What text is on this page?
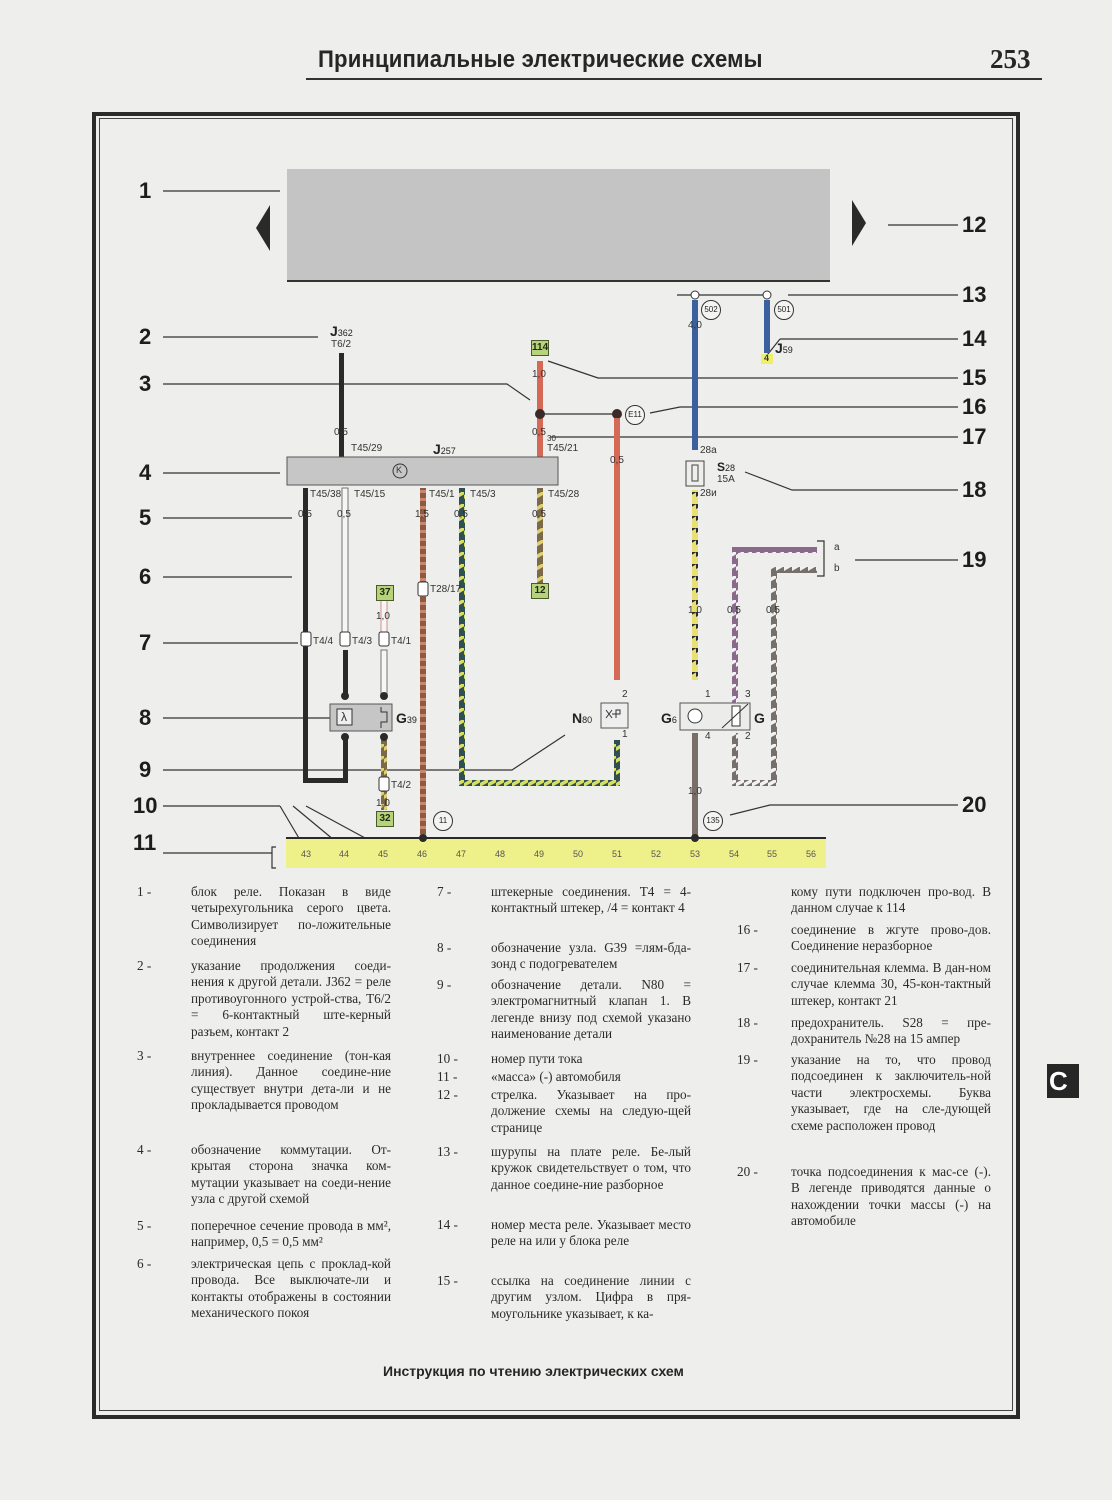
Принципиальные электрические схемы	253
1
2
3
4
5
6
7
8
9
10
11
12
13
14
15
16
17
18
19
20
J362
T6/2
J257
K
G39
λ	N80	G6	G
J59
4
S28
15A
28a
28и
E11
T45/29	T45/21
30
T45/38 T45/15	T45/1 T45/3	T45/28
T28/17
T4/4 T4/3 T4/1
T4/2
2
1
1
4
3
2
0,5	0,5
1,0
0,5
4,0
0,5	0,5	1,5	0,5	0,5
1,0
1,0
1,0	0,5	0,5
1,0
114
37	12
32
502	501
11	135
a
b
43	44	45	46	47	48	49	50	51	52	53	54	55	56
1 -	блок реле. Показан в виде четырехугольника серого цвета. Символизирует по-ложительные соединения
2 -	указание продолжения соеди-нения к другой детали. J362 = реле противоугонного устрой-ства, Т6/2 = 6-контактный ште-керный разъем, контакт 2
3 -	внутреннее соединение (тон-кая линия). Данное соедине-ние существует внутри дета-ли и не прокладывается проводом
4 -	обозначение коммутации. От-крытая сторона значка ком-мутации указывает на соеди-нение узла с другой схемой
5 -	поперечное сечение провода в мм², например, 0,5 = 0,5 мм²
6 -	электрическая цепь с проклад-кой провода. Все выключате-ли и контакты отображены в состоянии механического покоя
7 -	штекерные соединения. Т4 = 4-контактный штекер, /4 = контакт 4
8 -	обозначение узла. G39 =лям-бда-зонд с подогревателем
9 -	обозначение детали. N80 = электромагнитный клапан 1. В легенде внизу под схемой указано наименование детали
10 -	номер пути тока
11 -	«масса» (-) автомобиля
12 -	стрелка. Указывает на про-должение схемы на следую-щей странице
13 -	шурупы на плате реле. Бе-лый кружок свидетельствует о том, что данное соедине-ние разборное
14 -	номер места реле. Указывает место реле на или у блока реле
15 -	ссылка на соединение линии с другим узлом. Цифра в пря-моугольнике указывает, к ка-
кому пути подключен про-вод. В данном случае к 114
16 -	соединение в жгуте прово-дов. Соединение неразборное
17 -	соединительная клемма. В дан-ном случае клемма 30, 45-кон-тактный штекер, контакт 21
18 -	предохранитель. S28 = пре-дохранитель №28 на 15 ампер
19 -	указание на то, что провод подсоединен к заключитель-ной части электросхемы. Буква указывает, где на сле-дующей схеме расположен провод
20 -	точка подсоединения к мас-се (-). В легенде приводятся данные о нахождении точки массы (-) на автомобиле
Инструкция по чтению электрических схем
С
